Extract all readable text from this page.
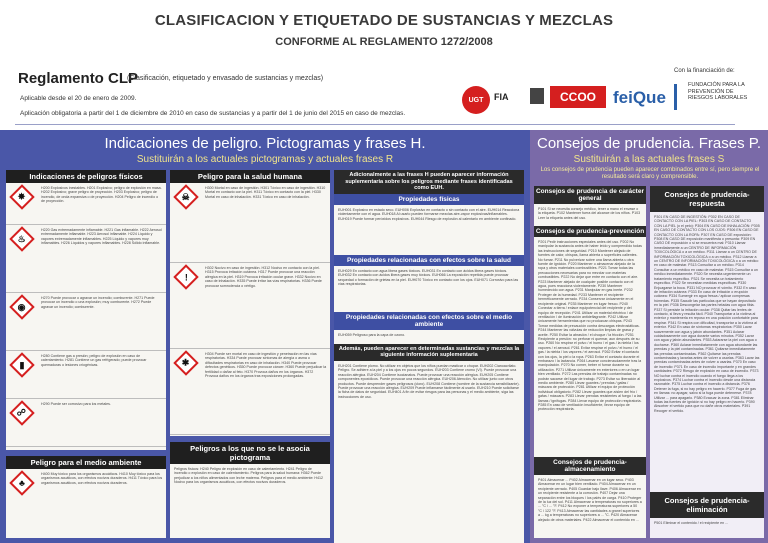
CLASIFICACION Y ETIQUETADO DE SUSTANCIAS Y MEZCLAS
CONFORME AL REGLAMENTO 1272/2008
Reglamento CLP
(Clasificación, etiquetado y envasado de sustancias y mezclas)
Aplicable desde el 20 de enero de 2009.
Aplicación obligatoria a partir del 1 de diciembre de 2010 en caso de sustancias y a partir del 1 de junio del 2015 en caso de mezclas.
Con la financiación de:
UGT FIA	CCOO feiQue
FUNDACIÓN PARA LA PREVENCIÓN DE RIESGOS LABORALES
Indicaciones de peligro. Pictogramas y frases H.
Sustituirán a los actuales pictogramas y actuales frases R
Indicaciones de peligros físicos
✸
H200 Explosivos inestables. H201 Explosivo; peligro de explosión en masa. H202 Explosivo; grave peligro de proyección. H203 Explosivo; peligro de incendio, de onda expansiva o de proyección. H204 Peligro de incendio o de proyección.
♨
H220 Gas extremadamente inflamable. H221 Gas inflamable. H222 Aerosol extremadamente inflamable. H223 Aerosol inflamable. H224 Líquido y vapores extremadamente inflamables. H225 Líquido y vapores muy inflamables. H226 Líquidos y vapores inflamables. H228 Sólido inflamable.
◉
H270 Puede provocar o agravar un incendio; comburente. H271 Puede provocar un incendio o una explosión; muy comburente. H272 Puede agravar un incendio; comburente.
▮
H280 Contiene gas a presión; peligro de explosión en caso de calentamiento. H281 Contiene un gas refrigerado; puede provocar quemaduras o lesiones criogénicas.
☍
H290 Puede ser corrosivo para los metales.
Peligro para el medio ambiente
♣
H400 Muy tóxico para los organismos acuáticos. H410 Muy tóxico para los organismos acuáticos, con efectos nocivos duraderos. H411 Tóxico para los organismos acuáticos, con efectos nocivos duraderos.
Peligro para la salud humana
☠
H300 Mortal en caso de ingestión. H301 Tóxico en caso de ingestión. H310 Mortal en contacto con la piel. H311 Tóxico en contacto con la piel. H330 Mortal en caso de inhalación. H331 Tóxico en caso de inhalación.
!
H302 Nocivo en caso de ingestión. H312 Nocivo en contacto con la piel. H315 Provoca irritación cutánea. H317 Puede provocar una reacción alérgica en la piel. H319 Provoca irritación ocular grave. H332 Nocivo en caso de inhalación. H335 Puede irritar las vías respiratorias. H336 Puede provocar somnolencia o vértigo.
✱
H304 Puede ser mortal en caso de ingestión y penetración en las vías respiratorias. H334 Puede provocar síntomas de alergia o asma o dificultades respiratorias en caso de inhalación. H340 Puede provocar defectos genéticos. H350 Puede provocar cáncer. H360 Puede perjudicar la fertilidad o dañar al feto. H370 Provoca daños en los órganos. H372 Provoca daños en los órganos tras exposiciones prolongadas.
Peligros a los que no se le asocia pictograma
Peligros físicos: H240 Peligro de explosión en caso de calentamiento. H241 Peligro de incendio o explosión en caso de calentamiento. Peligros para la salud humana: H362 Puede perjudicar a los niños alimentados con leche materna. Peligros para el medio ambiente: H412 Nocivo para los organismos acuáticos, con efectos nocivos duraderos.
Adicionalmente a las frases H pueden aparecer información suplementaria sobre los peligros mediante frases identificadas como EUH.
Propiedades físicas
EUH001 Explosivo en estado seco. EUH006 Explosivo en contacto o sin contacto con el aire. EUH014 Reacciona violentamente con el agua. EUH018 Al usarlo pueden formarse mezclas aire-vapor explosivas/inflamables. EUH019 Puede formar peróxidos explosivos. EUH044 Riesgo de explosión al calentarlo en ambiente confinado.
Propiedades relacionadas con efectos sobre la salud
EUH029 En contacto con agua libera gases tóxicos. EUH031 En contacto con ácidos libera gases tóxicos. EUH032 En contacto con ácidos libera gases muy tóxicos. EUH066 La exposición repetida puede provocar sequedad o formación de grietas en la piel. EUH070 Tóxico en contacto con los ojos. EUH071 Corrosivo para las vías respiratorias.
Propiedades relacionadas con efectos sobre el medio ambiente
EUH059 Peligroso para la capa de ozono.
Además, pueden aparecer en determinadas sustancias y mezclas la siguiente información suplementaria
EUH201 Contiene plomo. No utilizar en objetos que los niños puedan masticar o chupar. EUH202 Cianoacrilato. Peligro. Se adhiere a la piel y a los ojos en pocos segundos. EUH203 Contiene cromo (VI). Puede provocar una reacción alérgica. EUH204 Contiene isocianatos. Puede provocar una reacción alérgica. EUH205 Contiene componentes epoxídicos. Puede provocar una reacción alérgica. EUH206 Atención. No utilizar junto con otros productos. Puede desprender gases peligrosos (cloro). EUH208 Contiene (nombre de la sustancia sensibilizante). Puede provocar una reacción alérgica. EUH209 Puede inflamarse fácilmente al usarlo. EUH210 Puede solicitarse la ficha de datos de seguridad. EUH401 A fin de evitar riesgos para las personas y el medio ambiente, siga las instrucciones de uso.
Consejos de prudencia. Frases P.
Sustituirán a las actuales frases S
Los consejos de prudencia pueden aparecer combinados entre sí, pero siempre el resultado será claro y comprensible.
Consejos de prudencia de carácter general
P101 Si se necesita consejo médico, tener a mano el envase o la etiqueta. P102 Mantener fuera del alcance de los niños. P103 Leer la etiqueta antes del uso.
Consejos de prudencia-prevención
P201 Pedir instrucciones especiales antes del uso. P202 No manipular la sustancia antes de haber leído y comprendido todas las instrucciones de seguridad. P210 Mantener alejado de fuentes de calor, chispas, llama abierta o superficies calientes. No fumar. P211 No pulverizar sobre una llama abierta u otra fuente de ignición. P220 Mantener o almacenar alejado de la ropa y otros materiales combustibles. P221 Tomar todas las precauciones necesarias para no mezclar con materias combustibles. P222 No dejar que entre en contacto con el aire. P223 Mantener alejado de cualquier posible contacto con el agua, pues reacciona violentamente. P230 Mantener humedecido con agua. P231 Manipular en gas inerte. P232 Proteger de la humedad. P233 Mantener el recipiente herméticamente cerrado. P234 Conservar únicamente en el recipiente original. P235 Mantener en lugar fresco. P240 Conectar a tierra / enlace equipotencial del recipiente y del equipo de recepción. P241 Utilizar un material eléctrico / de ventilación / de iluminación antideflagrante. P242 Utilizar únicamente herramientas que no produzcan chispas. P243 Tomar medidas de precaución contra descargas electrostáticas. P244 Mantener las válvulas de reducción limpias de grasa y aceite. P250 Evitar la abrasión / el choque / la fricción. P251 Recipiente a presión: no perforar ni quemar, aun después de su uso. P260 No respirar el polvo / el humo / el gas / la niebla / los vapores / el aerosol. P261 Evitar respirar el polvo / el humo / el gas / la niebla / los vapores / el aerosol. P262 Evitar el contacto con los ojos, la piel o la ropa. P263 Evitar el contacto durante el embarazo / la lactancia. P264 Lavarse concienzudamente tras la manipulación. P270 No comer, beber ni fumar durante su utilización. P271 Utilizar únicamente en exteriores o en un lugar bien ventilado. P272 Las prendas de trabajo contaminadas no podrán sacarse del lugar de trabajo. P273 Evitar su liberación al medio ambiente. P280 Llevar guantes / prendas / gafas / máscara de protección. P281 Utilizar el equipo de protección individual obligatorio. P282 Llevar guantes que aíslen del frío / gafas / máscara. P283 Llevar prendas resistentes al fuego / a las llamas / ignífugas. P284 Llevar equipo de protección respiratoria. P285 En caso de ventilación insuficiente, llevar equipo de protección respiratoria.
Consejos de prudencia-almacenamiento
P401 Almacenar ... P402 Almacenar en un lugar seco. P403 Almacenar en un lugar bien ventilado. P404 Almacenar en un recipiente cerrado. P405 Guardar bajo llave. P406 Almacenar en un recipiente resistente a la corrosión. P407 Dejar una separación entre los bloques / los palés de carga. P410 Proteger de la luz del sol. P411 Almacenar a temperaturas no superiores a ... °C / ... °F. P412 No exponer a temperaturas superiores a 50 °C / 122 °F. P413 Almacenar las cantidades a granel superiores a ... kg a temperaturas no superiores a ... °C. P420 Almacenar alejado de otros materiales. P422 Almacenar el contenido en ...
Consejos de prudencia-respuesta
P301 EN CASO DE INGESTIÓN: P302 EN CASO DE CONTACTO CON LA PIEL: P303 EN CASO DE CONTACTO CON LA PIEL (o el pelo): P304 EN CASO DE INHALACIÓN: P305 EN CASO DE CONTACTO CON LOS OJOS: P306 EN CASO DE CONTACTO CON LA ROPA: P307 EN CASO DE exposición: P308 EN CASO DE exposición manifiesta o presunta: P309 EN CASO DE exposición o si se encuentra mal: P310 Llamar inmediatamente a un CENTRO DE INFORMACIÓN TOXICOLÓGICA o a un médico. P311 Llamar a un CENTRO DE INFORMACIÓN TOXICOLÓGICA o a un médico. P312 Llamar a un CENTRO DE INFORMACIÓN TOXICOLÓGICA o a un médico en caso de malestar. P313 Consultar a un médico. P314 Consultar a un médico en caso de malestar. P315 Consultar a un médico inmediatamente. P320 Se necesita urgentemente un tratamiento específico. P321 Se necesita un tratamiento específico. P322 Se necesitan medidas específicas. P330 Enjuagarse la boca. P331 NO provocar el vómito. P332 En caso de irritación cutánea: P333 En caso de irritación o erupción cutánea: P334 Sumergir en agua fresca / aplicar compresas húmedas. P335 Sacudir las partículas que se hayan depositado en la piel. P336 Descongelar las partes heladas con agua tibia. P337 Si persiste la irritación ocular: P338 Quitar las lentes de contacto, si lleva y resulta fácil. P340 Transportar a la víctima al exterior y mantenerla en reposo en una posición confortable para respirar. P341 Si respira con dificultad, transportar a la víctima al exterior. P342 En caso de síntomas respiratorios: P350 Lavar suavemente con agua y jabón abundantes. P351 Aclarar cuidadosamente con agua durante varios minutos. P352 Lavar con agua y jabón abundantes. P353 Aclararse la piel con agua o ducharse. P360 Aclarar inmediatamente con agua abundante las prendas y la piel contaminadas. P361 Quitarse inmediatamente las prendas contaminadas. P362 Quitarse las prendas contaminadas y lavarlas antes de volver a usarlas. P363 Lavar las prendas contaminadas antes de volver a usarlas. P370 En caso de incendio: P371 En caso de incendio importante y en grandes cantidades: P372 Riesgo de explosión en caso de incendio. P373 NO luchar contra el incendio cuando el fuego llega a los explosivos. P374 Luchar contra el incendio desde una distancia razonable. P375 Luchar contra el incendio a distancia. P376 Detener la fuga, si no hay peligro en hacerlo. P377 Fuga de gas en llamas: no apagar, salvo si la fuga puede detenerse. P378 Utilizar ... para apagarlo. P380 Evacuar la zona. P381 Eliminar todas las fuentes de ignición si no hay peligro en hacerlo. P390 Absorber el vertido para que no dañe otros materiales. P391 Recoger el vertido.
Consejos de prudencia-eliminación
P501 Eliminar el contenido / el recipiente en ...
